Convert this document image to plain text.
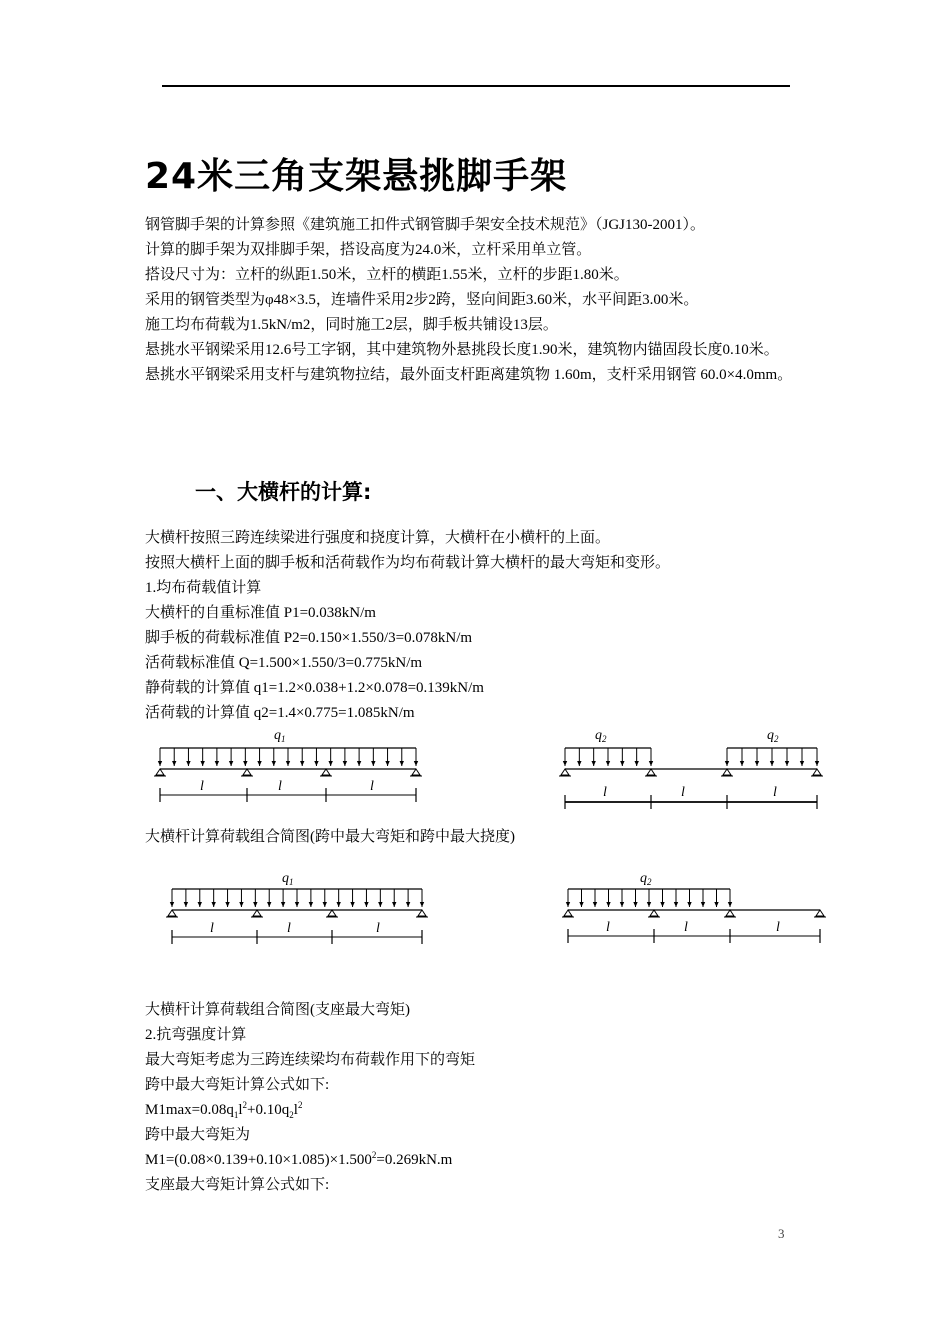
24米三角支架悬挑脚手架
钢管脚手架的计算参照《建筑施工扣件式钢管脚手架安全技术规范》（JGJ130-2001）。
计算的脚手架为双排脚手架，搭设高度为24.0米，立杆采用单立管。
搭设尺寸为：立杆的纵距1.50米，立杆的横距1.55米，立杆的步距1.80米。
采用的钢管类型为φ48×3.5，连墙件采用2步2跨，竖向间距3.60米，水平间距3.00米。
施工均布荷载为1.5kN/m2，同时施工2层，脚手板共铺设13层。
悬挑水平钢梁采用12.6号工字钢，其中建筑物外悬挑段长度1.90米，建筑物内锚固段长度0.10米。
悬挑水平钢梁采用支杆与建筑物拉结，最外面支杆距离建筑物 1.60m，支杆采用钢管 60.0×4.0mm。
一、大横杆的计算:
大横杆按照三跨连续梁进行强度和挠度计算，大横杆在小横杆的上面。
按照大横杆上面的脚手板和活荷载作为均布荷载计算大横杆的最大弯矩和变形。
1.均布荷载值计算
大横杆的自重标准值 P1=0.038kN/m
脚手板的荷载标准值 P2=0.150×1.550/3=0.078kN/m
活荷载标准值 Q=1.500×1.550/3=0.775kN/m
静荷载的计算值 q1=1.2×0.038+1.2×0.078=0.139kN/m
活荷载的计算值 q2=1.4×0.775=1.085kN/m
$q_1$
l	l	l
$q_2$	$q_2$
l	l	l
大横杆计算荷载组合简图(跨中最大弯矩和跨中最大挠度)
$q_1$
l	l	l
$q_2$
l	l	l
大横杆计算荷载组合简图(支座最大弯矩)
2.抗弯强度计算
最大弯矩考虑为三跨连续梁均布荷载作用下的弯矩
跨中最大弯矩计算公式如下:
$M1\max=0.08q_1l^2+0.10q_2l^2$
跨中最大弯矩为
$M1=(0.08\times 0.139+0.10\times 1.085)\times 1.500^2=0.269kN.m$
支座最大弯矩计算公式如下:
3
